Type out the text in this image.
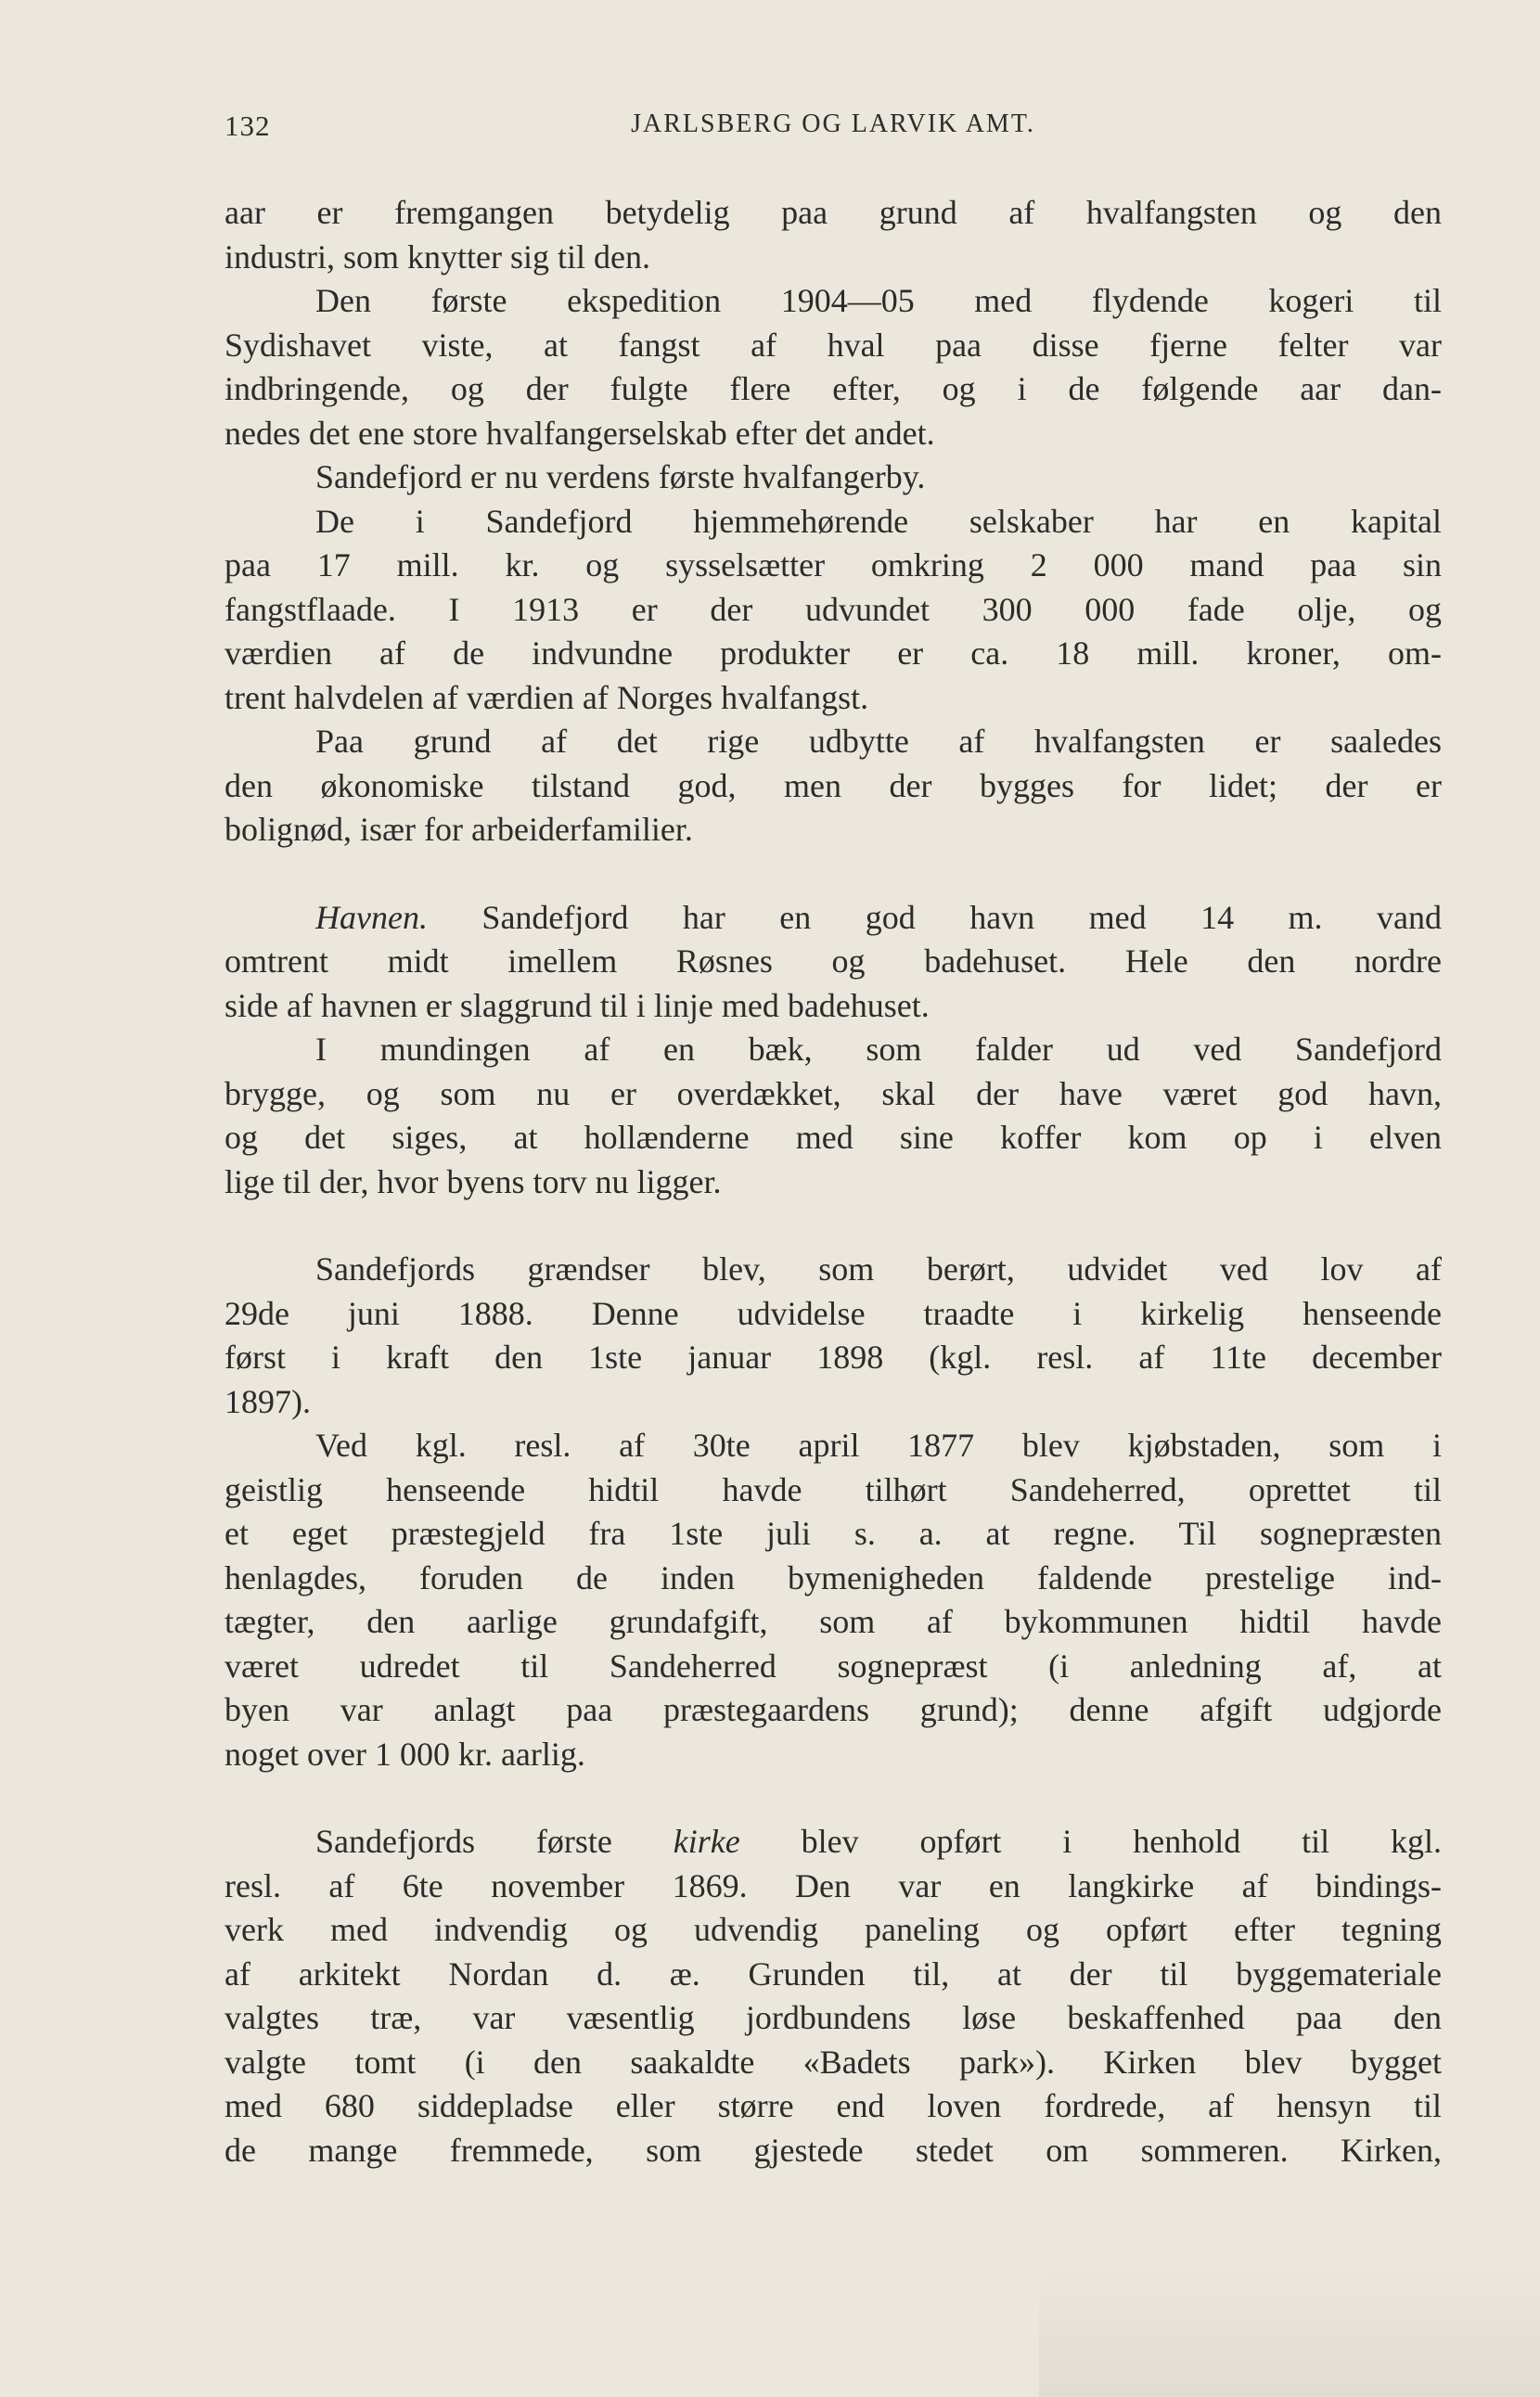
132	JARLSBERG OG LARVIK AMT.
aar er fremgangen betydelig paa grund af hvalfangsten og den
industri, som knytter sig til den.
Den første ekspedition 1904—05 med flydende kogeri til
Sydishavet viste, at fangst af hval paa disse fjerne felter var
indbringende, og der fulgte flere efter, og i de følgende aar dan-
nedes det ene store hvalfangerselskab efter det andet.
Sandefjord er nu verdens første hvalfangerby.
De i Sandefjord hjemmehørende selskaber har en kapital
paa 17 mill. kr. og sysselsætter omkring 2 000 mand paa sin
fangstflaade. I 1913 er der udvundet 300 000 fade olje, og
værdien af de indvundne produkter er ca. 18 mill. kroner, om-
trent halvdelen af værdien af Norges hvalfangst.
Paa grund af det rige udbytte af hvalfangsten er saaledes
den økonomiske tilstand god, men der bygges for lidet; der er
bolignød, især for arbeiderfamilier.
Havnen. Sandefjord har en god havn med 14 m. vand
omtrent midt imellem Røsnes og badehuset. Hele den nordre
side af havnen er slaggrund til i linje med badehuset.
I mundingen af en bæk, som falder ud ved Sandefjord
brygge, og som nu er overdækket, skal der have været god havn,
og det siges, at hollænderne med sine koffer kom op i elven
lige til der, hvor byens torv nu ligger.
Sandefjords grændser blev, som berørt, udvidet ved lov af
29de juni 1888. Denne udvidelse traadte i kirkelig henseende
først i kraft den 1ste januar 1898 (kgl. resl. af 11te december
1897).
Ved kgl. resl. af 30te april 1877 blev kjøbstaden, som i
geistlig henseende hidtil havde tilhørt Sandeherred, oprettet til
et eget præstegjeld fra 1ste juli s. a. at regne. Til sognepræsten
henlagdes, foruden de inden bymenigheden faldende prestelige ind-
tægter, den aarlige grundafgift, som af bykommunen hidtil havde
været udredet til Sandeherred sognepræst (i anledning af, at
byen var anlagt paa præstegaardens grund); denne afgift udgjorde
noget over 1 000 kr. aarlig.
Sandefjords første kirke blev opført i henhold til kgl.
resl. af 6te november 1869. Den var en langkirke af bindings-
verk med indvendig og udvendig paneling og opført efter tegning
af arkitekt Nordan d. æ. Grunden til, at der til byggemateriale
valgtes træ, var væsentlig jordbundens løse beskaffenhed paa den
valgte tomt (i den saakaldte «Badets park»). Kirken blev bygget
med 680 siddepladse eller større end loven fordrede, af hensyn til
de mange fremmede, som gjestede stedet om sommeren. Kirken,
